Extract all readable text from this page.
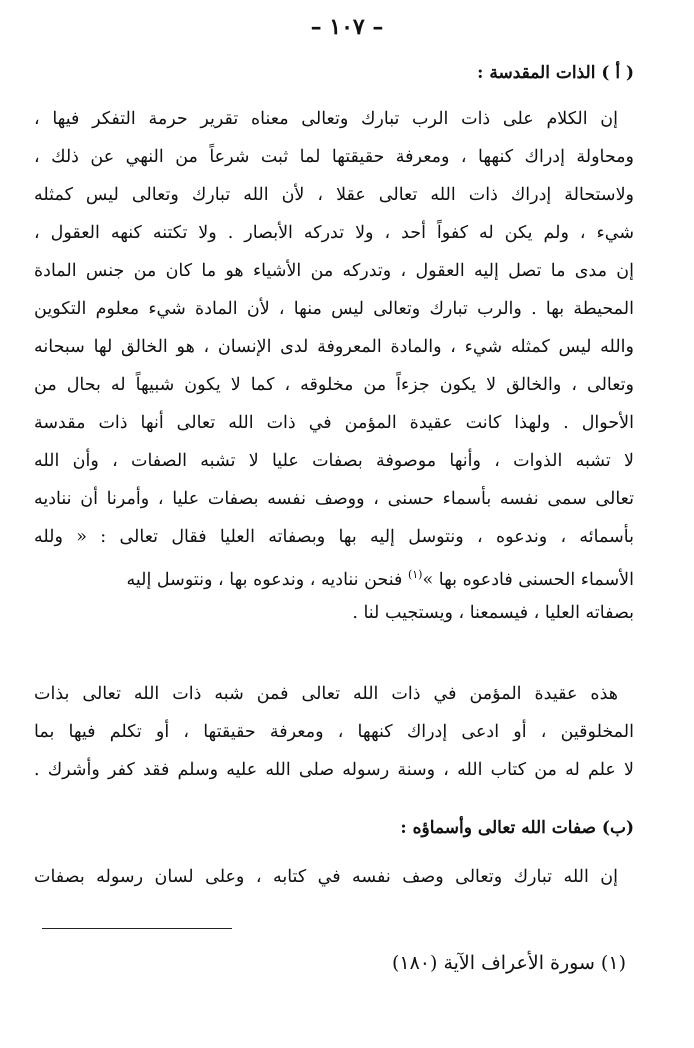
– ١٠٧ –
( أ ) الذات المقدسة :
إن الكلام على ذات الرب تبارك وتعالى معناه تقرير حرمة التفكر فيها ،
ومحاولة إدراك كنهها ، ومعرفة حقيقتها لما ثبت شرعاً من النهي عن ذلك ،
ولاستحالة إدراك ذات الله تعالى عقلا ، لأن الله تبارك وتعالى ليس كمثله
شيء ، ولم يكن له كفواً أحد ، ولا تدركه الأبصار . ولا تكتنه كنهه العقول ،
إن مدى ما تصل إليه العقول ، وتدركه من الأشياء هو ما كان من جنس المادة
المحيطة بها . والرب تبارك وتعالى ليس منها ، لأن المادة شيء معلوم التكوين
والله ليس كمثله شيء ، والمادة المعروفة لدى الإنسان ، هو الخالق لها سبحانه
وتعالى ، والخالق لا يكون جزءاً من مخلوقه ، كما لا يكون شبيهاً له بحال من
الأحوال . ولهذا كانت عقيدة المؤمن في ذات الله تعالى أنها ذات مقدسة
لا تشبه الذوات ، وأنها موصوفة بصفات عليا لا تشبه الصفات ، وأن الله
تعالى سمى نفسه بأسماء حسنى ، ووصف نفسه بصفات عليا ، وأمرنا أن نناديه
بأسمائه ، وندعوه ، ونتوسل إليه بها وبصفاته العليا فقال تعالى : « ولله
الأسماء الحسنى فادعوه بها »$^{(١)}$ فنحن نناديه ، وندعوه بها ، ونتوسل إليه
بصفاته العليا ، فيسمعنا ، ويستجيب لنا .
هذه عقيدة المؤمن في ذات الله تعالى فمن شبه ذات الله تعالى بذات
المخلوقين ، أو ادعى إدراك كنهها ، ومعرفة حقيقتها ، أو تكلم فيها بما
لا علم له من كتاب الله ، وسنة رسوله صلى الله عليه وسلم فقد كفر وأشرك .
(ب) صفات الله تعالى وأسماؤه :
إن الله تبارك وتعالى وصف نفسه في كتابه ، وعلى لسان رسوله بصفات
(١) سورة الأعراف الآية (١٨٠)
